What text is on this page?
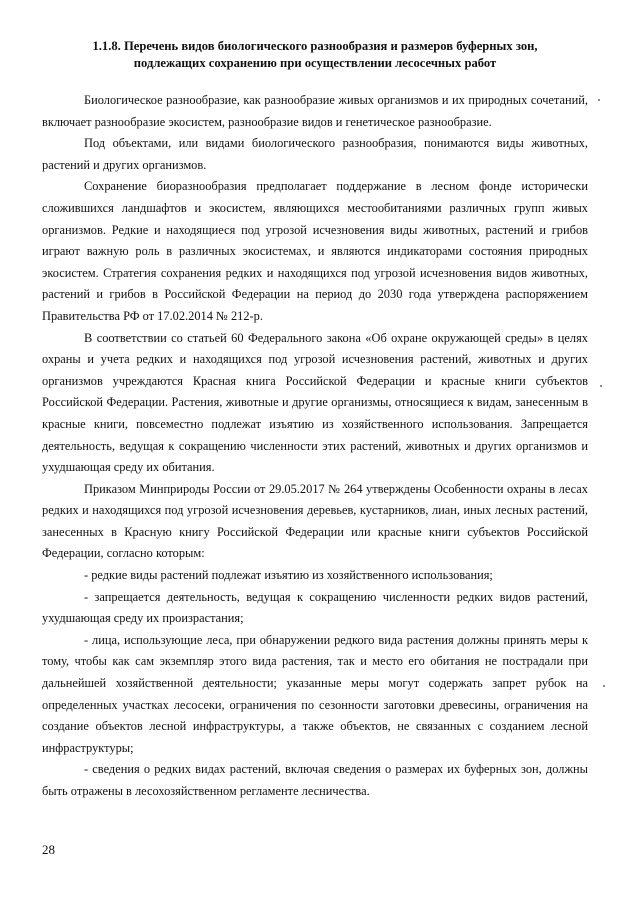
1.1.8. Перечень видов биологического разнообразия и размеров буферных зон,
подлежащих сохранению при осуществлении лесосечных работ

Биологическое разнообразие, как разнообразие живых организмов и их природных сочетаний, включает разнообразие экосистем, разнообразие видов и генетическое разнообразие.

Под объектами, или видами биологического разнообразия, понимаются виды животных, растений и других организмов.

Сохранение биоразнообразия предполагает поддержание в лесном фонде исторически сложившихся ландшафтов и экосистем, являющихся местообитаниями различных групп живых организмов. Редкие и находящиеся под угрозой исчезновения виды животных, растений и грибов играют важную роль в различных экосистемах, и являются индикаторами состояния природных экосистем. Стратегия сохранения редких и находящихся под угрозой исчезновения видов животных, растений и грибов в Российской Федерации на период до 2030 года утверждена распоряжением Правительства РФ от 17.02.2014 № 212-р.

В соответствии со статьей 60 Федерального закона «Об охране окружающей среды» в целях охраны и учета редких и находящихся под угрозой исчезновения растений, животных и других организмов учреждаются Красная книга Российской Федерации и красные книги субъектов Российской Федерации. Растения, животные и другие организмы, относящиеся к видам, занесенным в красные книги, повсеместно подлежат изъятию из хозяйственного использования. Запрещается деятельность, ведущая к сокращению численности этих растений, животных и других организмов и ухудшающая среду их обитания.

Приказом Минприроды России от 29.05.2017 № 264 утверждены Особенности охраны в лесах редких и находящихся под угрозой исчезновения деревьев, кустарников, лиан, иных лесных растений, занесенных в Красную книгу Российской Федерации или красные книги субъектов Российской Федерации, согласно которым:

- редкие виды растений подлежат изъятию из хозяйственного использования;

- запрещается деятельность, ведущая к сокращению численности редких видов растений, ухудшающая среду их произрастания;

- лица, использующие леса, при обнаружении редкого вида растения должны принять меры к тому, чтобы как сам экземпляр этого вида растения, так и место его обитания не пострадали при дальнейшей хозяйственной деятельности; указанные меры могут содержать запрет рубок на определенных участках лесосеки, ограничения по сезонности заготовки древесины, ограничения на создание объектов лесной инфраструктуры, а также объектов, не связанных с созданием лесной инфраструктуры;

- сведения о редких видах растений, включая сведения о размерах их буферных зон, должны быть отражены в лесохозяйственном регламенте лесничества.

28
